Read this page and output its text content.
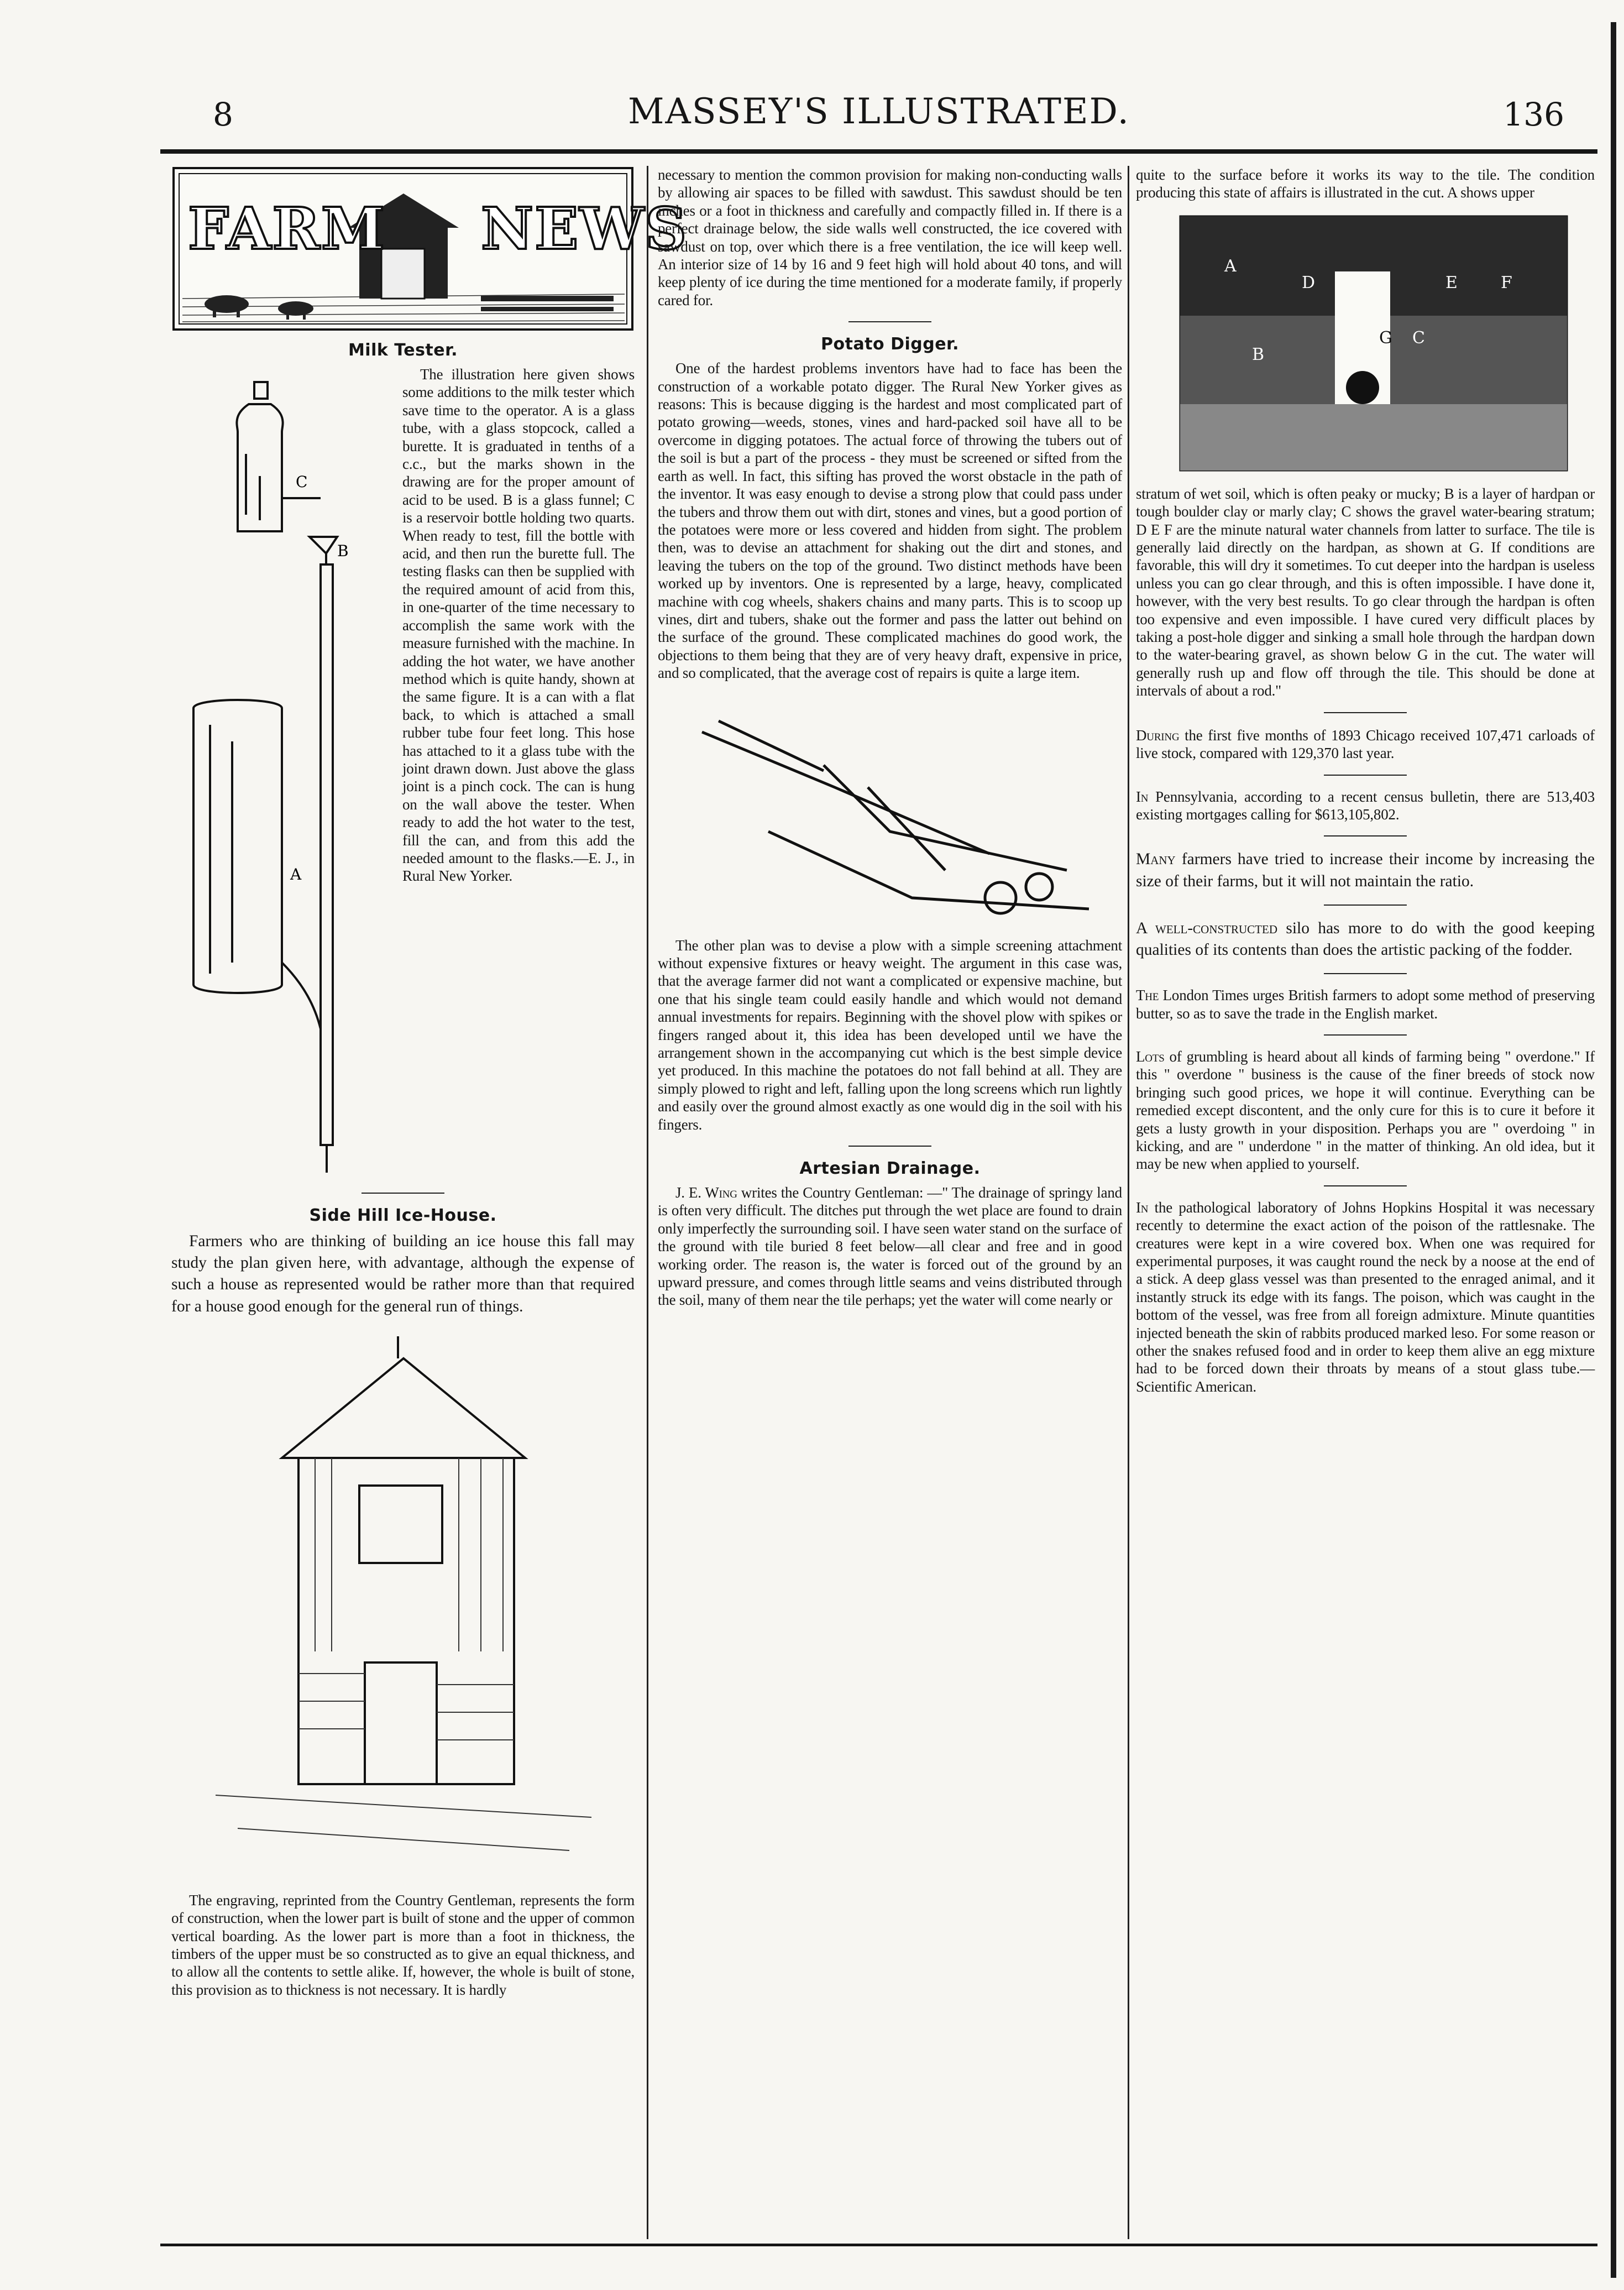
8	MASSEY'S ILLUSTRATED.	136
FARM NEWS
Milk Tester.
C
B
A

The illustration here given shows some additions to the milk tester which save time to the operator. A is a glass tube, with a glass stopcock, called a burette. It is graduated in tenths of a c.c., but the marks shown in the drawing are for the proper amount of acid to be used. B is a glass funnel; C is a reservoir bottle holding two quarts. When ready to test, fill the bottle with acid, and then run the burette full. The testing flasks can then be supplied with the required amount of acid from this, in one-quarter of the time necessary to accomplish the same work with the measure furnished with the machine. In adding the hot water, we have another method which is quite handy, shown at the same figure. It is a can with a flat back, to which is attached a small rubber tube four feet long. This hose has attached to it a glass tube with the joint drawn down. Just above the glass joint is a pinch cock. The can is hung on the wall above the tester. When ready to add the hot water to the test, fill the can, and from this add the needed amount to the flasks.—E. J., in Rural New Yorker.

Side Hill Ice-House.

Farmers who are thinking of building an ice house this fall may study the plan given here, with advantage, although the expense of such a house as represented would be rather more than that required for a house good enough for the general run of things.

The engraving, reprinted from the Country Gentleman, represents the form of construction, when the lower part is built of stone and the upper of common vertical boarding. As the lower part is more than a foot in thickness, the timbers of the upper must be so constructed as to give an equal thickness, and to allow all the contents to settle alike. If, however, the whole is built of stone, this provision as to thickness is not necessary. It is hardly

necessary to mention the common provision for making non-conducting walls by allowing air spaces to be filled with sawdust. This sawdust should be ten inches or a foot in thickness and carefully and compactly filled in. If there is a perfect drainage below, the side walls well constructed, the ice covered with sawdust on top, over which there is a free ventilation, the ice will keep well. An interior size of 14 by 16 and 9 feet high will hold about 40 tons, and will keep plenty of ice during the time mentioned for a moderate family, if properly cared for.

Potato Digger.

One of the hardest problems inventors have had to face has been the construction of a workable potato digger. The Rural New Yorker gives as reasons: This is because digging is the hardest and most complicated part of potato growing—weeds, stones, vines and hard-packed soil have all to be overcome in digging potatoes. The actual force of throwing the tubers out of the soil is but a part of the process - they must be screened or sifted from the earth as well. In fact, this sifting has proved the worst obstacle in the path of the inventor. It was easy enough to devise a strong plow that could pass under the tubers and throw them out with dirt, stones and vines, but a good portion of the potatoes were more or less covered and hidden from sight. The problem then, was to devise an attachment for shaking out the dirt and stones, and leaving the tubers on the top of the ground. Two distinct methods have been worked up by inventors. One is represented by a large, heavy, complicated machine with cog wheels, shakers chains and many parts. This is to scoop up vines, dirt and tubers, shake out the former and pass the latter out behind on the surface of the ground. These complicated machines do good work, the objections to them being that they are of very heavy draft, expensive in price, and so complicated, that the average cost of repairs is quite a large item.

The other plan was to devise a plow with a simple screening attachment without expensive fixtures or heavy weight. The argument in this case was, that the average farmer did not want a complicated or expensive machine, but one that his single team could easily handle and which would not demand annual investments for repairs. Beginning with the shovel plow with spikes or fingers ranged about it, this idea has been developed until we have the arrangement shown in the accompanying cut which is the best simple device yet produced. In this machine the potatoes do not fall behind at all. They are simply plowed to right and left, falling upon the long screens which run lightly and easily over the ground almost exactly as one would dig in the soil with his fingers.

Artesian Drainage.

J. E. Wing writes the Country Gentleman: —" The drainage of springy land is often very difficult. The ditches put through the wet place are found to drain only imperfectly the surrounding soil. I have seen water stand on the surface of the ground with tile buried 8 feet below—all clear and free and in good working order. The reason is, the water is forced out of the ground by an upward pressure, and comes through little seams and veins distributed through the soil, many of them near the tile perhaps; yet the water will come nearly or

quite to the surface before it works its way to the tile. The condition producing this state of affairs is illustrated in the cut. A shows upper

A
B
D	E	F
G C

stratum of wet soil, which is often peaky or mucky; B is a layer of hardpan or tough boulder clay or marly clay; C shows the gravel water-bearing stratum; D E F are the minute natural water channels from latter to surface. The tile is generally laid directly on the hardpan, as shown at G. If conditions are favorable, this will dry it sometimes. To cut deeper into the hardpan is useless unless you can go clear through, and this is often impossible. I have done it, however, with the very best results. To go clear through the hardpan is often too expensive and even impossible. I have cured very difficult places by taking a post-hole digger and sinking a small hole through the hardpan down to the water-bearing gravel, as shown below G in the cut. The water will generally rush up and flow off through the tile. This should be done at intervals of about a rod."

During the first five months of 1893 Chicago received 107,471 carloads of live stock, compared with 129,370 last year.

In Pennsylvania, according to a recent census bulletin, there are 513,403 existing mortgages calling for $613,105,802.

Many farmers have tried to increase their income by increasing the size of their farms, but it will not maintain the ratio.

A well-constructed silo has more to do with the good keeping qualities of its contents than does the artistic packing of the fodder.

The London Times urges British farmers to adopt some method of preserving butter, so as to save the trade in the English market.

Lots of grumbling is heard about all kinds of farming being " overdone." If this " overdone " business is the cause of the finer breeds of stock now bringing such good prices, we hope it will continue. Everything can be remedied except discontent, and the only cure for this is to cure it before it gets a lusty growth in your disposition. Perhaps you are " overdoing " in kicking, and are " underdone " in the matter of thinking. An old idea, but it may be new when applied to yourself.

In the pathological laboratory of Johns Hopkins Hospital it was necessary recently to determine the exact action of the poison of the rattlesnake. The creatures were kept in a wire covered box. When one was required for experimental purposes, it was caught round the neck by a noose at the end of a stick. A deep glass vessel was than presented to the enraged animal, and it instantly struck its edge with its fangs. The poison, which was caught in the bottom of the vessel, was free from all foreign admixture. Minute quantities injected beneath the skin of rabbits produced marked leso. For some reason or other the snakes refused food and in order to keep them alive an egg mixture had to be forced down their throats by means of a stout glass tube.—Scientific American.
